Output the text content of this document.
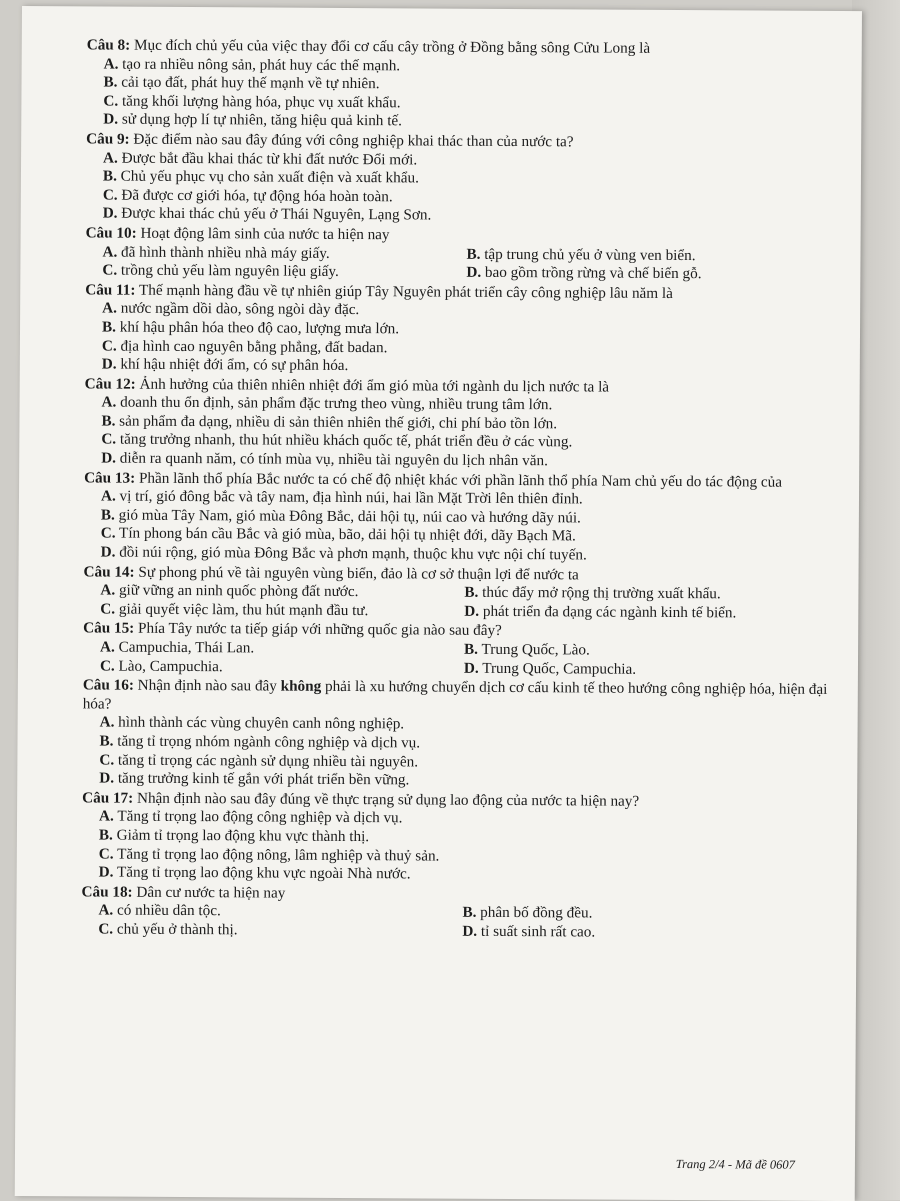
Câu 8: Mục đích chủ yếu của việc thay đổi cơ cấu cây trồng ở Đồng bằng sông Cửu Long là
A. tạo ra nhiều nông sản, phát huy các thế mạnh.
B. cải tạo đất, phát huy thế mạnh về tự nhiên.
C. tăng khối lượng hàng hóa, phục vụ xuất khẩu.
D. sử dụng hợp lí tự nhiên, tăng hiệu quả kinh tế.
Câu 9: Đặc điểm nào sau đây đúng với công nghiệp khai thác than của nước ta?
A. Được bắt đầu khai thác từ khi đất nước Đổi mới.
B. Chủ yếu phục vụ cho sản xuất điện và xuất khẩu.
C. Đã được cơ giới hóa, tự động hóa hoàn toàn.
D. Được khai thác chủ yếu ở Thái Nguyên, Lạng Sơn.
Câu 10: Hoạt động lâm sinh của nước ta hiện nay
A. đã hình thành nhiều nhà máy giấy.	B. tập trung chủ yếu ở vùng ven biển.
C. trồng chủ yếu làm nguyên liệu giấy.	D. bao gồm trồng rừng và chế biến gỗ.
Câu 11: Thế mạnh hàng đầu về tự nhiên giúp Tây Nguyên phát triển cây công nghiệp lâu năm là
A. nước ngầm dồi dào, sông ngòi dày đặc.
B. khí hậu phân hóa theo độ cao, lượng mưa lớn.
C. địa hình cao nguyên bằng phẳng, đất badan.
D. khí hậu nhiệt đới ẩm, có sự phân hóa.
Câu 12: Ảnh hưởng của thiên nhiên nhiệt đới ẩm gió mùa tới ngành du lịch nước ta là
A. doanh thu ổn định, sản phẩm đặc trưng theo vùng, nhiều trung tâm lớn.
B. sản phẩm đa dạng, nhiều di sản thiên nhiên thế giới, chi phí bảo tồn lớn.
C. tăng trưởng nhanh, thu hút nhiều khách quốc tế, phát triển đều ở các vùng.
D. diễn ra quanh năm, có tính mùa vụ, nhiều tài nguyên du lịch nhân văn.
Câu 13: Phần lãnh thổ phía Bắc nước ta có chế độ nhiệt khác với phần lãnh thổ phía Nam chủ yếu do tác động của
A. vị trí, gió đông bắc và tây nam, địa hình núi, hai lần Mặt Trời lên thiên đỉnh.
B. gió mùa Tây Nam, gió mùa Đông Bắc, dải hội tụ, núi cao và hướng dãy núi.
C. Tín phong bán cầu Bắc và gió mùa, bão, dải hội tụ nhiệt đới, dãy Bạch Mã.
D. đồi núi rộng, gió mùa Đông Bắc và phơn mạnh, thuộc khu vực nội chí tuyến.
Câu 14: Sự phong phú về tài nguyên vùng biển, đảo là cơ sở thuận lợi để nước ta
A. giữ vững an ninh quốc phòng đất nước.	B. thúc đẩy mở rộng thị trường xuất khẩu.
C. giải quyết việc làm, thu hút mạnh đầu tư.	D. phát triển đa dạng các ngành kinh tế biển.
Câu 15: Phía Tây nước ta tiếp giáp với những quốc gia nào sau đây?
A. Campuchia, Thái Lan.	B. Trung Quốc, Lào.
C. Lào, Campuchia.	D. Trung Quốc, Campuchia.
Câu 16: Nhận định nào sau đây không phải là xu hướng chuyển dịch cơ cấu kinh tế theo hướng công nghiệp hóa, hiện đại hóa?
A. hình thành các vùng chuyên canh nông nghiệp.
B. tăng tỉ trọng nhóm ngành công nghiệp và dịch vụ.
C. tăng tỉ trọng các ngành sử dụng nhiều tài nguyên.
D. tăng trưởng kinh tế gắn với phát triển bền vững.
Câu 17: Nhận định nào sau đây đúng về thực trạng sử dụng lao động của nước ta hiện nay?
A. Tăng tỉ trọng lao động công nghiệp và dịch vụ.
B. Giảm tỉ trọng lao động khu vực thành thị.
C. Tăng tỉ trọng lao động nông, lâm nghiệp và thuỷ sản.
D. Tăng tỉ trọng lao động khu vực ngoài Nhà nước.
Câu 18: Dân cư nước ta hiện nay
A. có nhiều dân tộc.	B. phân bố đồng đều.
C. chủ yếu ở thành thị.	D. tỉ suất sinh rất cao.
Trang 2/4 - Mã đề 0607
